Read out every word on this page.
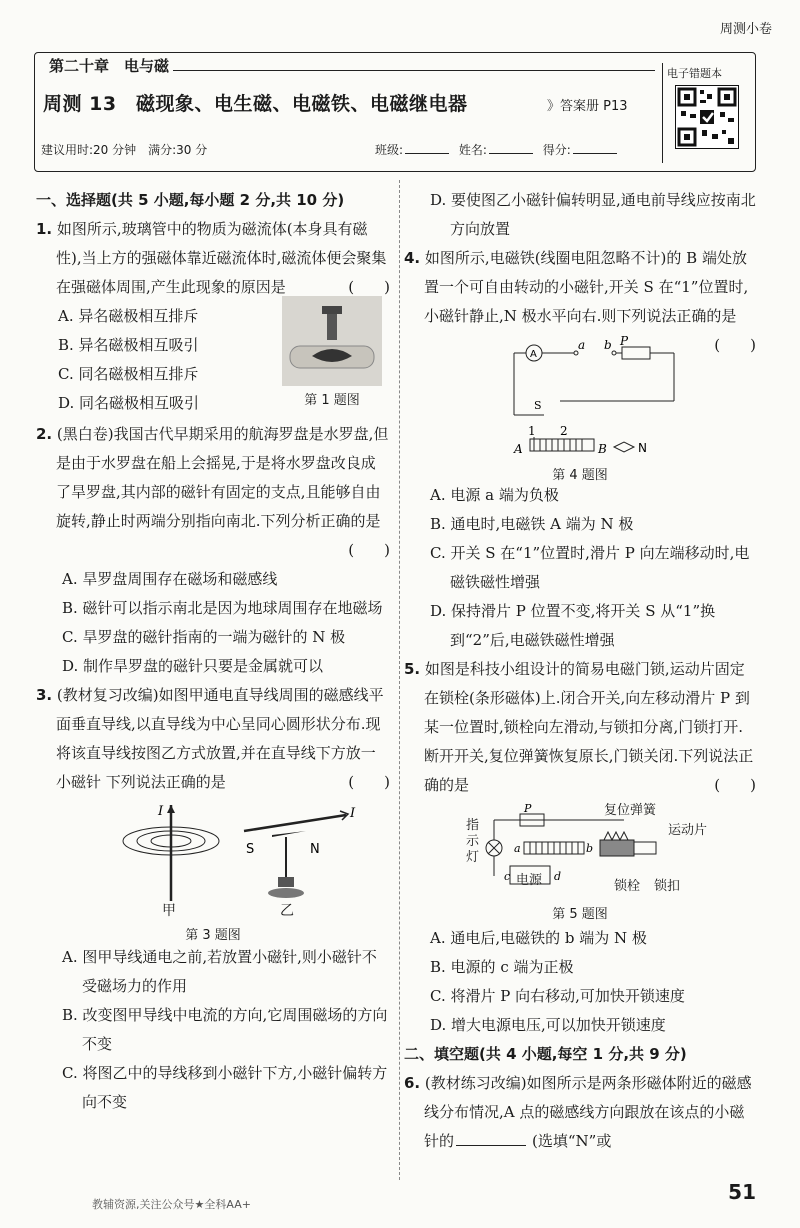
周测小卷
第二十章　电与磁
周测 13　磁现象、电生磁、电磁铁、电磁继电器	》答案册 P13
电子错题本
建议用时:20 分钟　满分:30 分	班级:	姓名:	得分:

一、选择题(共 5 小题,每小题 2 分,共 10 分)

1. 如图所示,玻璃管中的物质为磁流体(本身具有磁性),当上方的强磁体靠近磁流体时,磁流体便会聚集在强磁体周围,产生此现象的原因是	(　　)

A. 异名磁极相互排斥
B. 异名磁极相互吸引
C. 同名磁极相互排斥
D. 同名磁极相互吸引	第 1 题图

2. (黑白卷)我国古代早期采用的航海罗盘是水罗盘,但是由于水罗盘在船上会摇晃,于是将水罗盘改良成了旱罗盘,其内部的磁针有固定的支点,且能够自由旋转,静止时两端分别指向南北.下列分析正确的是

(　　)

A. 旱罗盘周围存在磁场和磁感线

B. 磁针可以指示南北是因为地球周围存在地磁场

C. 旱罗盘的磁针指南的一端为磁针的 N 极

D. 制作旱罗盘的磁针只要是金属就可以

3. (教材复习改编)如图甲通电直导线周围的磁感线平面垂直导线,以直导线为中心呈同心圆形状分布.现将该直导线按图乙方式放置,并在直导线下方放一小磁针 下列说法正确的是	(　　)

I	I
S	N
甲	乙
第 3 题图

A. 图甲导线通电之前,若放置小磁针,则小磁针不受磁场力的作用

B. 改变图甲导线中电流的方向,它周围磁场的方向不变

C. 将图乙中的导线移到小磁针下方,小磁针偏转方向不变

D. 要使图乙小磁针偏转明显,通电前导线应按南北方向放置

4. 如图所示,电磁铁(线圈电阻忽略不计)的 B 端处放置一个可自由转动的小磁针,开关 S 在“1”位置时,小磁针静止,N 极水平向右.则下列说法正确的是
(　　)

A
a b P
S
1 2
A	B	N
第 4 题图

A. 电源 a 端为负极

B. 通电时,电磁铁 A 端为 N 极

C. 开关 S 在“1”位置时,滑片 P 向左端移动时,电磁铁磁性增强

D. 保持滑片 P 位置不变,将开关 S 从“1”换到“2”后,电磁铁磁性增强

5. 如图是科技小组设计的简易电磁门锁,运动片固定在锁栓(条形磁体)上.闭合开关,向左移动滑片 P 到某一位置时,锁栓向左滑动,与锁扣分离,门锁打开.断开开关,复位弹簧恢复原长,门锁关闭.下列说法正确的是	(　　)

P
a	b
c	d
复位弹簧
运动片
指示灯
电源	锁栓 锁扣
第 5 题图

A. 通电后,电磁铁的 b 端为 N 极

B. 电源的 c 端为正极

C. 将滑片 P 向右移动,可加快开锁速度

D. 增大电源电压,可以加快开锁速度

二、填空题(共 4 小题,每空 1 分,共 9 分)

6. (教材练习改编)如图所示是两条形磁体附近的磁感线分布情况,A 点的磁感线方向跟放在该点的小磁针的	(选填“N”或

教辅资源,关注公众号★全科AA+
51
